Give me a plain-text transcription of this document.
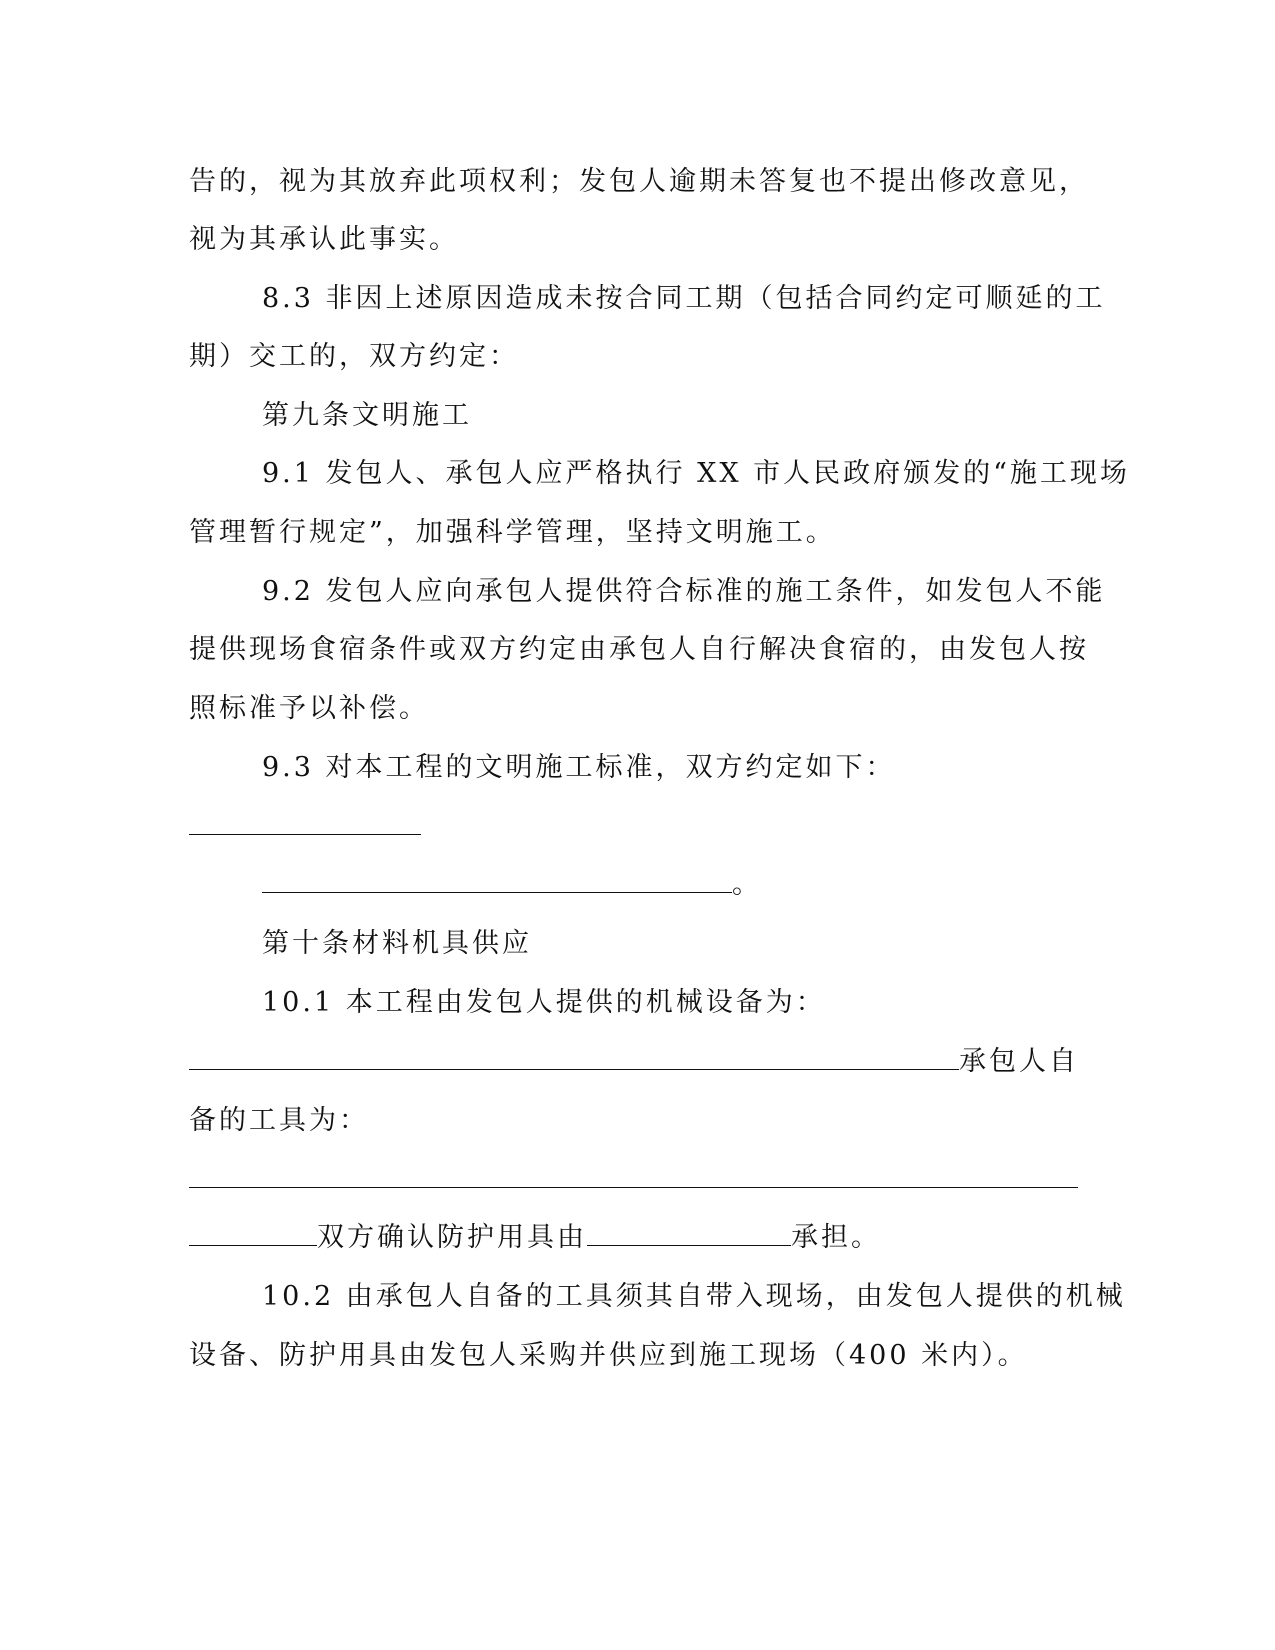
告的，视为其放弃此项权利；发包人逾期未答复也不提出修改意见，
视为其承认此事实。
8.3 非因上述原因造成未按合同工期（包括合同约定可顺延的工
期）交工的，双方约定：
第九条文明施工
9.1 发包人、承包人应严格执行 XX 市人民政府颁发的“施工现场
管理暂行规定”，加强科学管理，坚持文明施工。
9.2 发包人应向承包人提供符合标准的施工条件，如发包人不能
提供现场食宿条件或双方约定由承包人自行解决食宿的，由发包人按
照标准予以补偿。
9.3 对本工程的文明施工标准，双方约定如下：
。
第十条材料机具供应
10.1 本工程由发包人提供的机械设备为：
承包人自
备的工具为：
双方确认防护用具由	承担。
10.2 由承包人自备的工具须其自带入现场，由发包人提供的机械
设备、防护用具由发包人采购并供应到施工现场（400 米内）。
